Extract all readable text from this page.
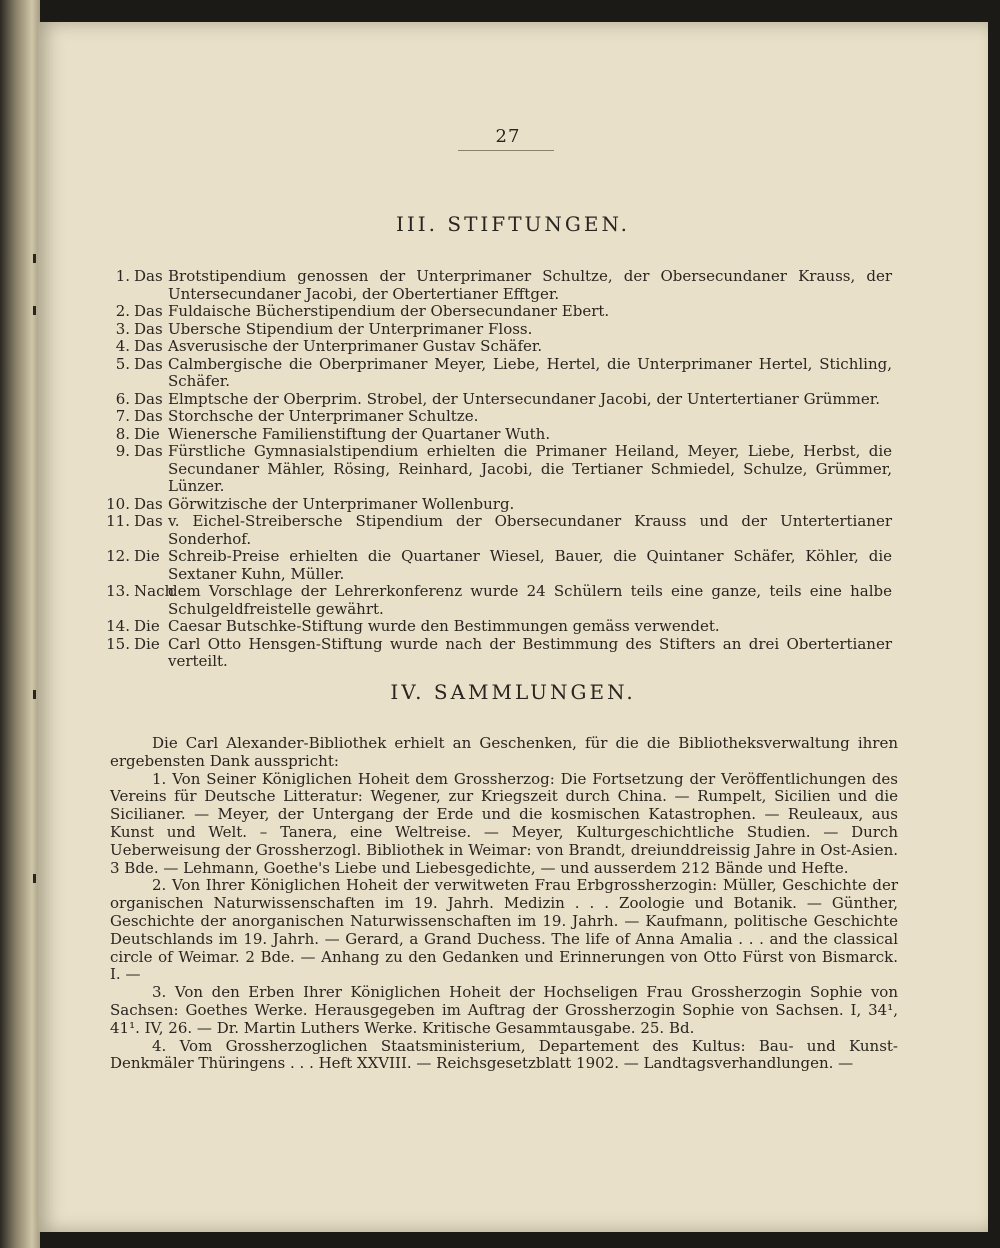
27
III. STIFTUNGEN.
1. Das Brotstipendium genossen der Unterprimaner Schultze, der Obersecundaner Krauss, der Untersecundaner Jacobi, der Obertertianer Efftger.
2. Das Fuldaische Bücherstipendium der Obersecundaner Ebert.
3. Das Ubersche Stipendium der Unterprimaner Floss.
4. Das Asverusische der Unterprimaner Gustav Schäfer.
5. Das Calmbergische die Oberprimaner Meyer, Liebe, Hertel, die Unterprimaner Hertel, Stichling, Schäfer.
6. Das Elmptsche der Oberprim. Strobel, der Untersecundaner Jacobi, der Untertertianer Grümmer.
7. Das Storchsche der Unterprimaner Schultze.
8. Die Wienersche Familienstiftung der Quartaner Wuth.
9. Das Fürstliche Gymnasialstipendium erhielten die Primaner Heiland, Meyer, Liebe, Herbst, die Secundaner Mähler, Rösing, Reinhard, Jacobi, die Tertianer Schmiedel, Schulze, Grümmer, Lünzer.
10. Das Görwitzische der Unterprimaner Wollenburg.
11. Das v. Eichel-Streibersche Stipendium der Obersecundaner Krauss und der Untertertianer Sonderhof.
12. Die Schreib-Preise erhielten die Quartaner Wiesel, Bauer, die Quintaner Schäfer, Köhler, die Sextaner Kuhn, Müller.
13. Nach
dem Vorschlage der Lehrerkonferenz wurde 24 Schülern teils eine ganze, teils eine halbe Schulgeldfreistelle gewährt.
14. Die Caesar Butschke-Stiftung wurde den Bestimmungen gemäss verwendet.
15. Die Carl Otto Hensgen-Stiftung wurde nach der Bestimmung des Stifters an drei Obertertianer verteilt.
IV. SAMMLUNGEN.

Die Carl Alexander-Bibliothek erhielt an Geschenken, für die die Bibliotheksverwaltung ihren ergebensten Dank ausspricht:

1. Von Seiner Königlichen Hoheit dem Grossherzog: Die Fortsetzung der Veröffentlichungen des Vereins für Deutsche Litteratur: Wegener, zur Kriegszeit durch China. — Rumpelt, Sicilien und die Sicilianer. — Meyer, der Untergang der Erde und die kosmischen Katastrophen. — Reuleaux, aus Kunst und Welt. – Tanera, eine Weltreise. — Meyer, Kulturgeschichtliche Studien. — Durch Ueberweisung der Grossherzogl. Bibliothek in Weimar: von Brandt, dreiunddreissig Jahre in Ost-Asien. 3 Bde. — Lehmann, Goethe's Liebe und Liebesgedichte, — und ausserdem 212 Bände und Hefte.

2. Von Ihrer Königlichen Hoheit der verwitweten Frau Erbgrossherzogin: Müller, Geschichte der organischen Naturwissenschaften im 19. Jahrh. Medizin . . . Zoologie und Botanik. — Günther, Geschichte der anorganischen Naturwissenschaften im 19. Jahrh. — Kaufmann, politische Geschichte Deutschlands im 19. Jahrh. — Gerard, a Grand Duchess. The life of Anna Amalia . . . and the classical circle of Weimar. 2 Bde. — Anhang zu den Gedanken und Erinnerungen von Otto Fürst von Bismarck. I. —

3. Von den Erben Ihrer Königlichen Hoheit der Hochseligen Frau Grossherzogin Sophie von Sachsen: Goethes Werke. Herausgegeben im Auftrag der Grossherzogin Sophie von Sachsen. I, 34¹, 41¹. IV, 26. — Dr. Martin Luthers Werke. Kritische Gesammtausgabe. 25. Bd.

4. Vom Grossherzoglichen Staatsministerium, Departement des Kultus: Bau- und Kunst-Denkmäler Thüringens . . . Heft XXVIII. — Reichsgesetzblatt 1902. — Landtagsverhandlungen. —
